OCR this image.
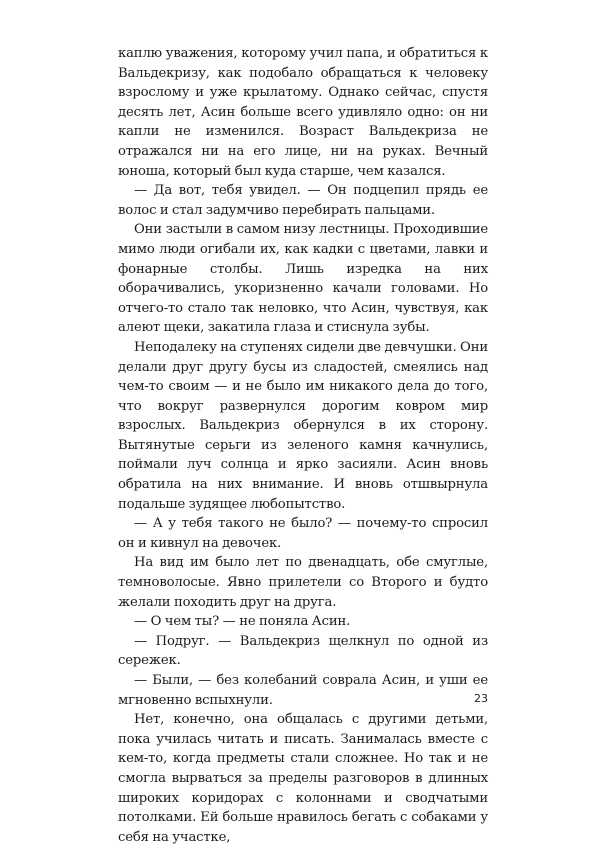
каплю уважения, которому учил папа, и обратиться к Вальдекризу, как подобало обращаться к человеку взрослому и уже крылатому. Однако сейчас, спустя десять лет, Асин больше всего удивляло одно: он ни капли не изменился. Возраст Вальдекриза не отражался ни на его лице, ни на руках. Вечный юноша, который был куда старше, чем казался.

— Да вот, тебя увидел. — Он подцепил прядь ее волос и стал задумчиво перебирать пальцами.

Они застыли в самом низу лестницы. Проходившие мимо люди огибали их, как кадки с цветами, лавки и фонарные столбы. Лишь изредка на них оборачивались, укоризненно качали головами. Но отчего-то стало так неловко, что Асин, чувствуя, как алеют щеки, закатила глаза и стиснула зубы.

Неподалеку на ступенях сидели две девчушки. Они делали друг другу бусы из сладостей, смеялись над чем-то своим — и не было им никакого дела до того, что вокруг развернулся дорогим ковром мир взрослых. Вальдекриз обернулся в их сторону. Вытянутые серьги из зеленого камня качнулись, поймали луч солнца и ярко засияли. Асин вновь обратила на них внимание. И вновь отшвырнула подальше зудящее любопытство.

— А у тебя такого не было? — почему-то спросил он и кивнул на девочек.

На вид им было лет по двенадцать, обе смуглые, темноволосые. Явно прилетели со Второго и будто желали походить друг на друга.

— О чем ты? — не поняла Асин.

— Подруг. — Вальдекриз щелкнул по одной из сережек.

— Были, — без колебаний соврала Асин, и уши ее мгновенно вспыхнули.

Нет, конечно, она общалась с другими детьми, пока училась читать и писать. Занималась вместе с кем-то, когда предметы стали сложнее. Но так и не смогла вырваться за пределы разговоров в длинных широких коридорах с колоннами и сводчатыми потолками. Ей больше нравилось бегать с собаками у себя на участке,

23
